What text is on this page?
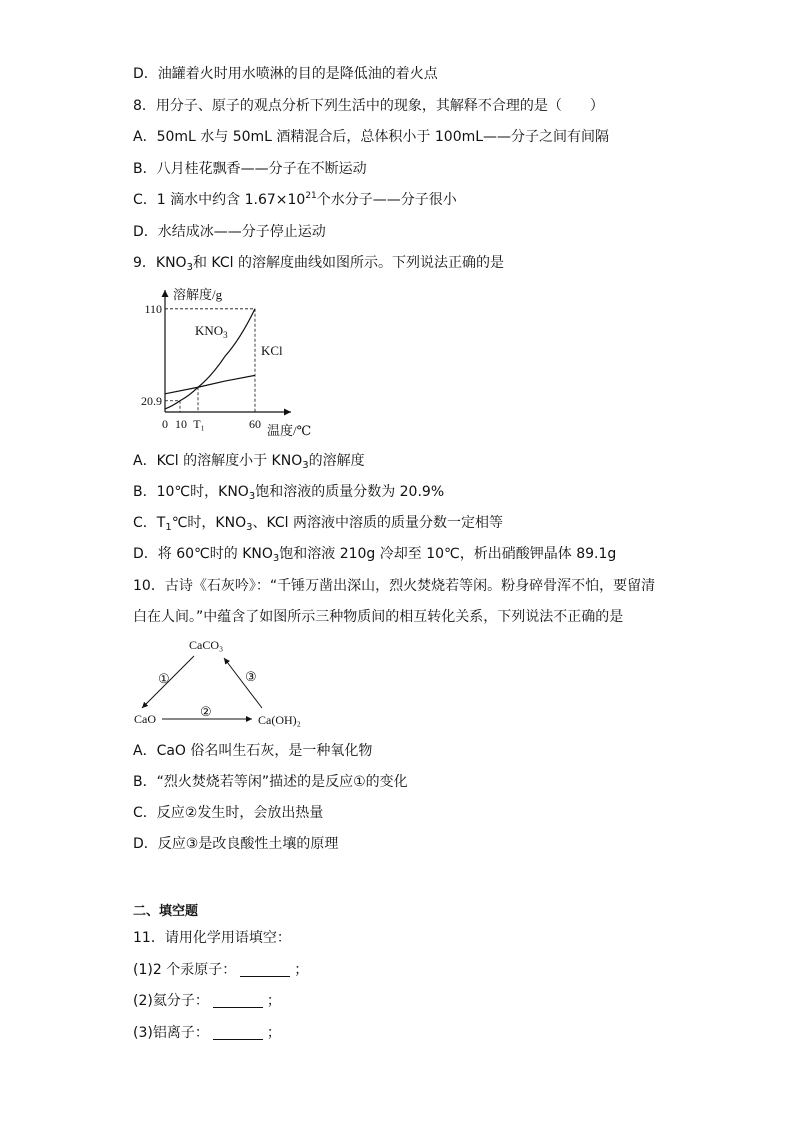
D．油罐着火时用水喷淋的目的是降低油的着火点
8．用分子、原子的观点分析下列生活中的现象，其解释不合理的是（　　）
A．50mL 水与 50mL 酒精混合后，总体积小于 100mL——分子之间有间隔
B．八月桂花飘香——分子在不断运动
C．1 滴水中约含 $1.67\times 10^{21}$个水分子——分子很小
D．水结成冰——分子停止运动
9．$KNO_3$和 KCl 的溶解度曲线如图所示。下列说法正确的是
溶解度/g
温度/℃
110
20.9
0 10 T₁	60
$KNO_3$
KCl
A．KCl 的溶解度小于 $KNO_3$的溶解度
B．10℃时，$KNO_3$饱和溶液的质量分数为 20.9%
C．$T_1℃$时，$KNO_3$、KCl 两溶液中溶质的质量分数一定相等
D．将 60℃时的 $KNO_3$饱和溶液 210g 冷却至 10℃，析出硝酸钾晶体 89.1g
10．古诗《石灰吟》：“千锤万凿出深山，烈火焚烧若等闲。粉身碎骨浑不怕，要留清
白在人间。”中蕴含了如图所示三种物质间的相互转化关系，下列说法不正确的是
CaCO₃
CaO	Ca(OH)₂
①
②
③
A．CaO 俗名叫生石灰，是一种氧化物
B．“烈火焚烧若等闲”描述的是反应①的变化
C．反应②发生时，会放出热量
D．反应③是改良酸性土壤的原理
二、填空题
11．请用化学用语填空：
(1)2 个汞原子：	；
(2)氦分子：	；
(3)铝离子：	；
